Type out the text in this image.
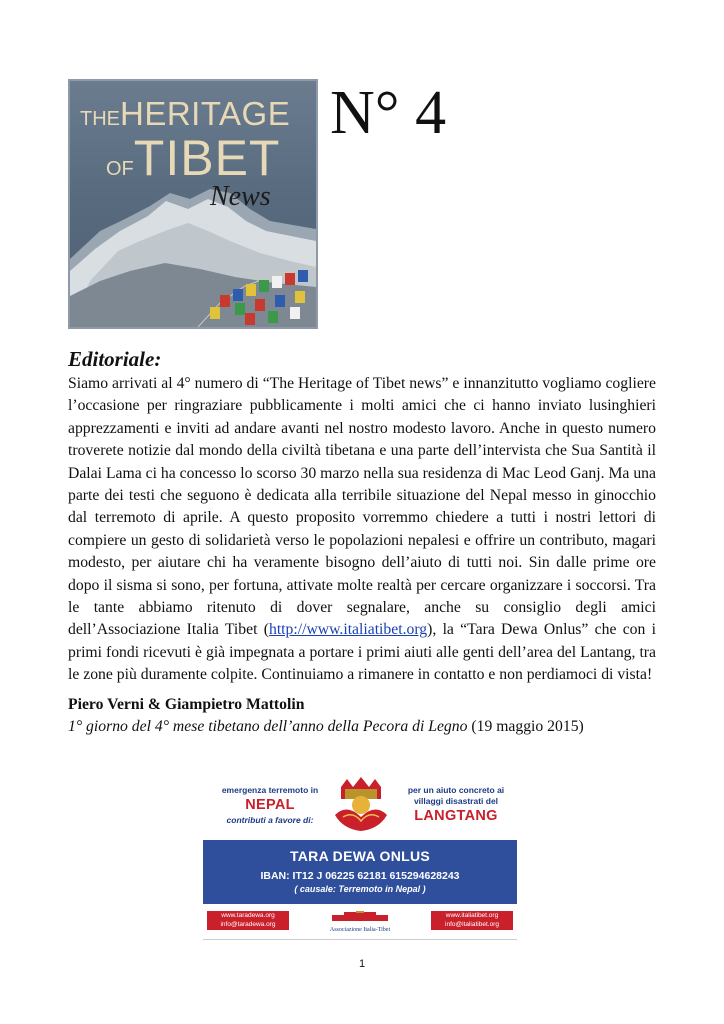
THEHERITAGE
OFTIBET
News
N° 4
Editoriale:

Siamo arrivati al 4° numero di “The Heritage of Tibet news” e innanzitutto vogliamo cogliere l’occasione per ringraziare pubblicamente i molti amici che ci hanno inviato lusinghieri apprezzamenti e inviti ad andare avanti nel nostro modesto lavoro. Anche in questo numero troverete notizie dal mondo della civiltà tibetana e una parte dell’intervista che Sua Santità il Dalai Lama ci ha concesso lo scorso 30 marzo nella sua residenza di Mac Leod Ganj. Ma una parte dei testi che seguono è dedicata alla terribile situazione del Nepal messo in ginocchio dal terremoto di aprile. A questo proposito vorremmo chiedere a tutti i nostri lettori di compiere un gesto di solidarietà verso le popolazioni nepalesi e offrire un contributo, magari modesto, per aiutare chi ha veramente bisogno dell’aiuto di tutti noi. Sin dalle prime ore dopo il sisma si sono, per fortuna, attivate molte realtà per cercare organizzare i soccorsi. Tra le tante abbiamo ritenuto di dover segnalare, anche su consiglio degli amici dell’Associazione Italia Tibet (http://www.italiatibet.org), la “Tara Dewa Onlus” che con i primi fondi ricevuti è già impegnata a portare i primi aiuti alle genti dell’area del Lantang, tra le zone più duramente colpite. Continuiamo a rimanere in contatto e non perdiamoci di vista!

Piero Verni & Giampietro Mattolin
1° giorno del 4° mese tibetano dell’anno della Pecora di Legno (19 maggio 2015)
emergenza terremoto in
NEPAL
contributi a favore di:
per un aiuto concreto ai villaggi disastrati del
LANGTANG
TARA DEWA ONLUS
IBAN: IT12 J 06225 62181 615294628243
( causale: Terremoto in Nepal )
www.taradewa.org
info@taradewa.org
Associazione Italia-Tibet
www.italiatibet.org
info@italiatibet.org
1
